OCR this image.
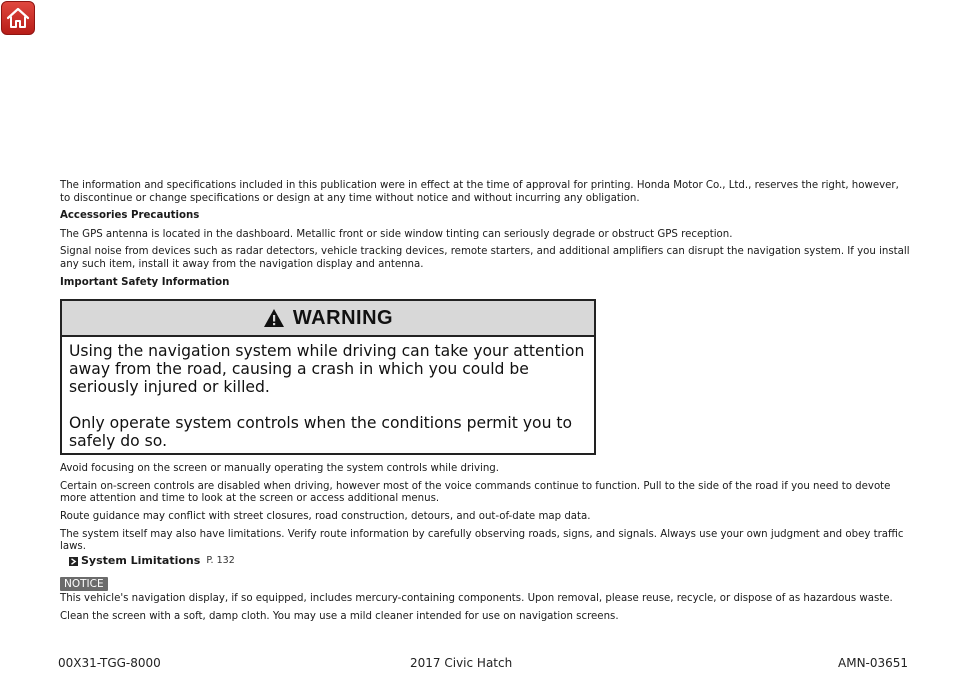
The information and specifications included in this publication were in effect at the time of approval for printing. Honda Motor Co., Ltd., reserves the right, however, to discontinue or change specifications or design at any time without notice and without incurring any obligation.

Accessories Precautions

The GPS antenna is located in the dashboard. Metallic front or side window tinting can seriously degrade or obstruct GPS reception.

Signal noise from devices such as radar detectors, vehicle tracking devices, remote starters, and additional amplifiers can disrupt the navigation system. If you install any such item, install it away from the navigation display and antenna.

Important Safety Information

WARNING

Using the navigation system while driving can take your attention away from the road, causing a crash in which you could be seriously injured or killed.

Only operate system controls when the conditions permit you to safely do so.

Avoid focusing on the screen or manually operating the system controls while driving.

Certain on-screen controls are disabled when driving, however most of the voice commands continue to function. Pull to the side of the road if you need to devote more attention and time to look at the screen or access additional menus.

Route guidance may conflict with street closures, road construction, detours, and out-of-date map data.

The system itself may also have limitations. Verify route information by carefully observing roads, signs, and signals. Always use your own judgment and obey traffic laws.

System Limitations P. 132

NOTICE

This vehicle's navigation display, if so equipped, includes mercury-containing components. Upon removal, please reuse, recycle, or dispose of as hazardous waste.

Clean the screen with a soft, damp cloth. You may use a mild cleaner intended for use on navigation screens.

00X31-TGG-8000	2017 Civic Hatch	AMN-03651
